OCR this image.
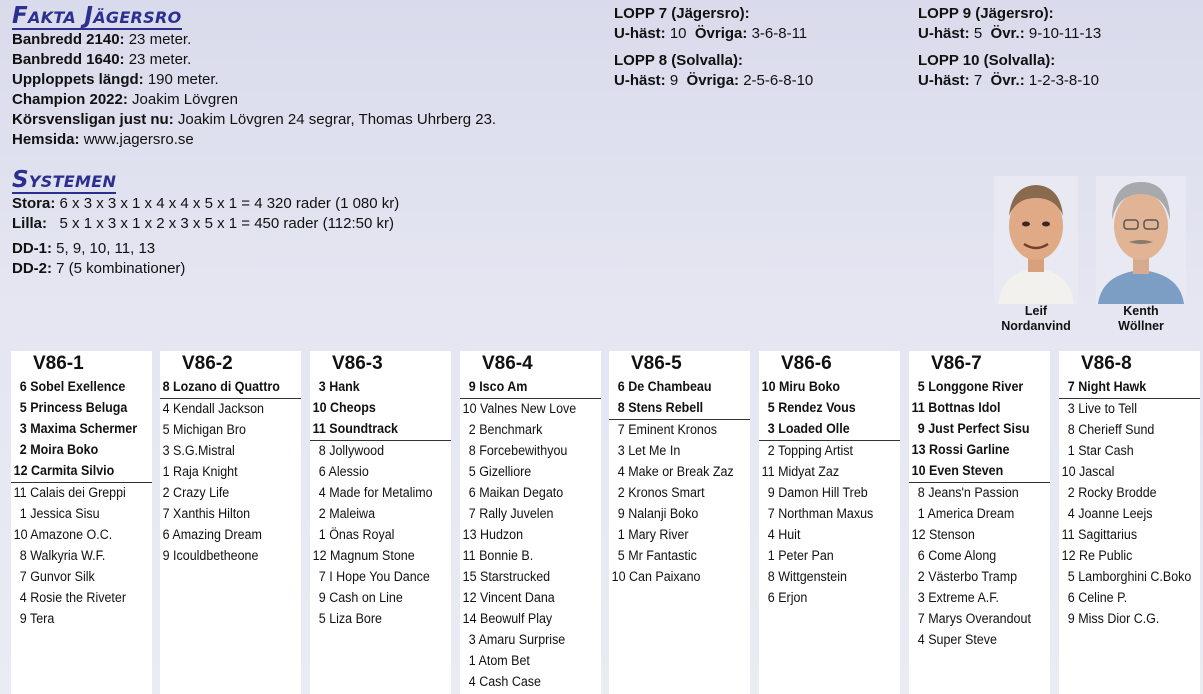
Fakta Jägersro
Banbredd 2140: 23 meter.
Banbredd 1640: 23 meter.
Upploppets längd: 190 meter.
Champion 2022: Joakim Lövgren
Körsvensligan just nu: Joakim Lövgren 24 segrar, Thomas Uhrberg 23.
Hemsida: www.jagersro.se
Systemen
Stora: 6 x 3 x 3 x 1 x 4 x 4 x 5 x 1 = 4 320 rader (1 080 kr)
Lilla: 5 x 1 x 3 x 1 x 2 x 3 x 5 x 1 = 450 rader (112:50 kr)
DD-1: 5, 9, 10, 11, 13
DD-2: 7 (5 kombinationer)
LOPP 7 (Jägersro):
U-häst: 10 Övriga: 3-6-8-11
LOPP 8 (Solvalla):
U-häst: 9 Övriga: 2-5-6-8-10
LOPP 9 (Jägersro):
U-häst: 5 Övr.: 9-10-11-13
LOPP 10 (Solvalla):
U-häst: 7 Övr.: 1-2-3-8-10
Leif
Nordanvind
Kenth
Wöllner
V86-1
6 Sobel Exellence
5 Princess Beluga
3 Maxima Schermer
2 Moira Boko
12 Carmita Silvio
11 Calais dei Greppi
1 Jessica Sisu
10 Amazone O.C.
8 Walkyria W.F.
7 Gunvor Silk
4 Rosie the Riveter
9 Tera
V86-2
8 Lozano di Quattro
4 Kendall Jackson
5 Michigan Bro
3 S.G.Mistral
1 Raja Knight
2 Crazy Life
7 Xanthis Hilton
6 Amazing Dream
9 Icouldbetheone
V86-3
3 Hank
10 Cheops
11 Soundtrack
8 Jollywood
6 Alessio
4 Made for Metalimo
2 Maleiwa
1 Önas Royal
12 Magnum Stone
7 I Hope You Dance
9 Cash on Line
5 Liza Bore
V86-4
9 Isco Am
10 Valnes New Love
2 Benchmark
8 Forcebewithyou
5 Gizelliore
6 Maikan Degato
7 Rally Juvelen
13 Hudzon
11 Bonnie B.
15 Starstrucked
12 Vincent Dana
14 Beowulf Play
3 Amaru Surprise
1 Atom Bet
4 Cash Case
V86-5
6 De Chambeau
8 Stens Rebell
7 Eminent Kronos
3 Let Me In
4 Make or Break Zaz
2 Kronos Smart
9 Nalanji Boko
1 Mary River
5 Mr Fantastic
10 Can Paixano
V86-6
10 Miru Boko
5 Rendez Vous
3 Loaded Olle
2 Topping Artist
11 Midyat Zaz
9 Damon Hill Treb
7 Northman Maxus
4 Huit
1 Peter Pan
8 Wittgenstein
6 Erjon
V86-7
5 Longgone River
11 Bottnas Idol
9 Just Perfect Sisu
13 Rossi Garline
10 Even Steven
8 Jeans'n Passion
1 America Dream
12 Stenson
6 Come Along
2 Västerbo Tramp
3 Extreme A.F.
7 Marys Overandout
4 Super Steve
V86-8
7 Night Hawk
3 Live to Tell
8 Cherieff Sund
1 Star Cash
10 Jascal
2 Rocky Brodde
4 Joanne Leejs
11 Sagittarius
12 Re Public
5 Lamborghini C.Boko
6 Celine P.
9 Miss Dior C.G.
